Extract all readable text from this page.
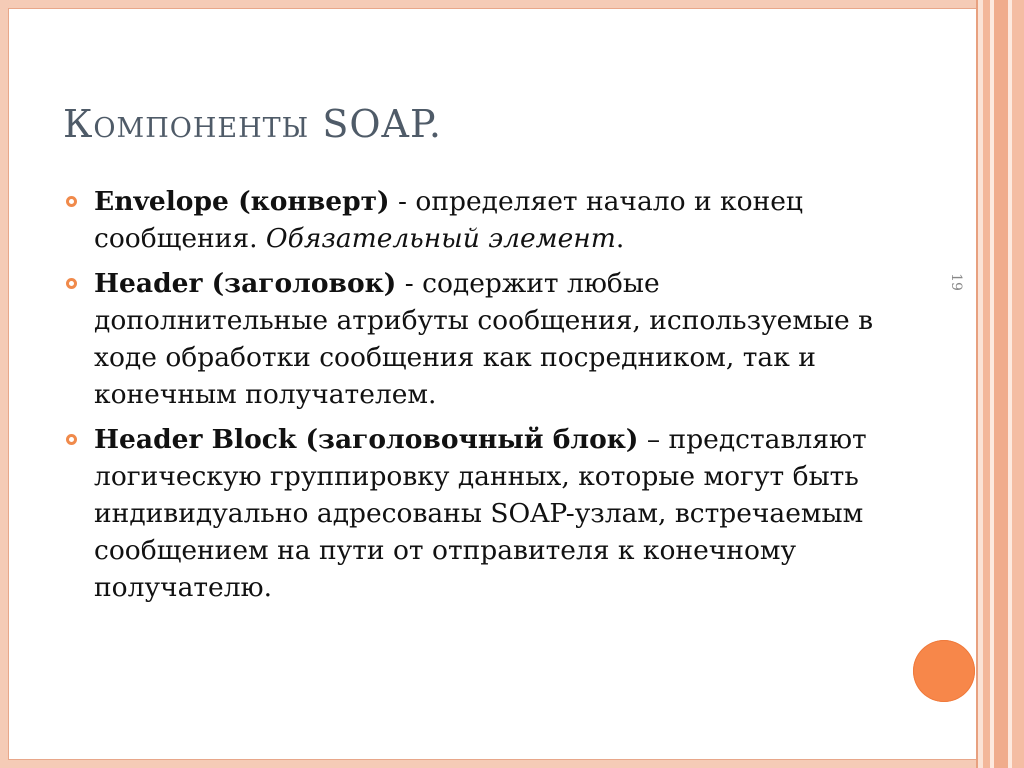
19
Компоненты SOAP.
Envelope (конверт) - определяет начало и конец сообщения. Обязательный элемент.
Header (заголовок) - содержит любые дополнительные атрибуты сообщения, используемые в ходе обработки сообщения как посредником, так и конечным получателем.
Header Block (заголовочный блок) – представляют логическую группировку данных, которые могут быть индивидуально адресованы SOAP-узлам, встречаемым сообщением на пути от отправителя к конечному получателю.
